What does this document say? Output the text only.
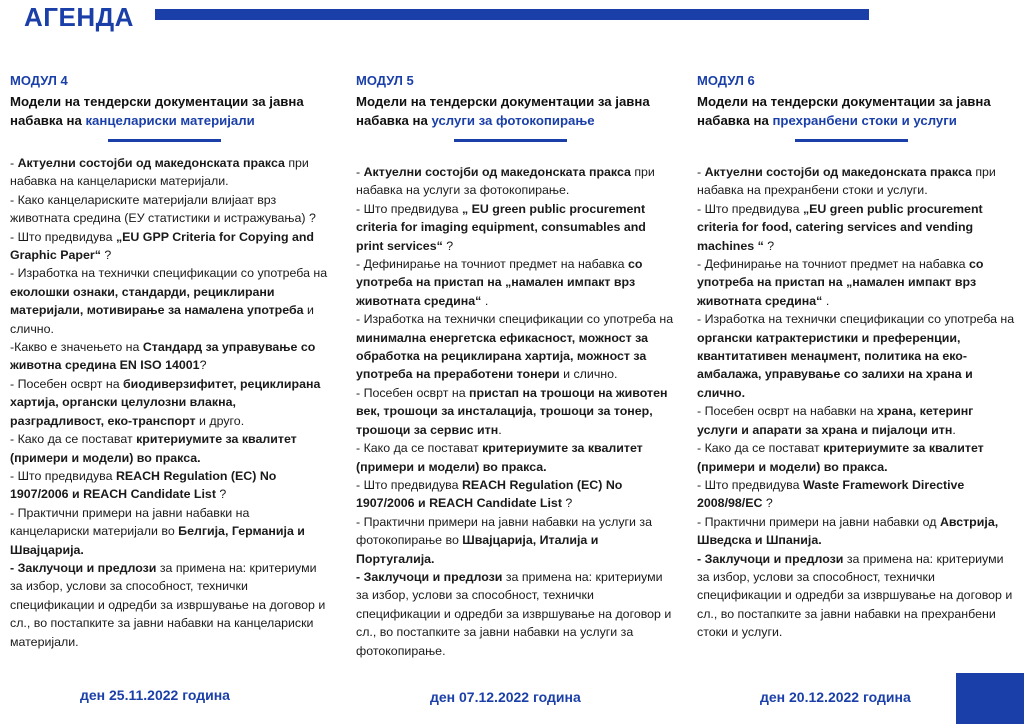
АГЕНДА
МОДУЛ 4
Модели на тендерски документации за јавна набавка на канцелариски материјали
- Актуелни состојби од македонската пракса при набавка на канцелариски материјали.
- Како канцелариските материјали влијаат врз животната средина (ЕУ статистики и истражувања) ?
- Што предвидува „EU GPP Criteria for Copying and Graphic Paper“ ?
- Изработка на технички спецификации со употреба на еколошки ознаки, стандарди, рециклирани материјали, мотивирање за намалена употреба и слично.
-Какво е значењето на Стандард за управување со животна средина EN ISO 14001?
- Посебен осврт на биодиверзифитет, рециклирана хартија, органски целулозни влакна, разградливост, еко-транспорт и друго.
- Како да се постават критериумите за квалитет (примери и модели) во пракса.
- Што предвидува REACH Regulation (EC) No 1907/2006 и REACH Candidate List ?
- Практични примери на јавни набавки на канцелариски материјали во Белгија, Германија и Швајцарија.
- Заклучоци и предлози за примена на: критериуми за избор, услови за способност, технички спецификации и одредби за извршување на договор и сл., во постапките за јавни набавки на канцелариски материјали.
МОДУЛ 5
Модели на тендерски документации за јавна набавка на услуги за фотокопирање
- Актуелни состојби од македонската пракса при набавка на услуги за фотокопирање.
- Што предвидува „ EU green public procurement criteria for imaging equipment, consumables and print services“ ?
- Дефинирање на точниот предмет на набавка со употреба на пристап на „намален импакт врз животната средина“ .
- Изработка на технички спецификации со употреба на минимална енергетска ефикасност, можност за обработка на рециклирана хартија, можност за употреба на преработени тонери и слично.
- Посебен осврт на пристап на трошоци на животен век, трошоци за инсталација, трошоци за тонер, трошоци за сервис итн.
- Како да се постават критериумите за квалитет (примери и модели) во пракса.
- Што предвидува REACH Regulation (EC) No 1907/2006 и REACH Candidate List ?
- Практични примери на јавни набавки на услуги за фотокопирање во Швајцарија, Италија и Португалија.
- Заклучоци и предлози за примена на: критериуми за избор, услови за способност, технички спецификации и одредби за извршување на договор и сл., во постапките за јавни набавки на услуги за фотокопирање.
МОДУЛ 6
Модели на тендерски документации за јавна набавка на прехранбени стоки и услуги
- Актуелни состојби од македонската пракса при набавка на прехранбени стоки и услуги.
- Што предвидува „EU green public procurement criteria for food, catering services and vending machines “ ?
- Дефинирање на точниот предмет на набавка со употреба на пристап на „намален импакт врз животната средина“ .
- Изработка на технички спецификации со употреба на органски катрактеристики и преференции, квантитативен менаџмент, политика на еко-амбалажа, управување со залихи на храна и слично.
- Посебен осврт на набавки на храна, кетеринг услуги и апарати за храна и пијалоци итн.
- Како да се постават критериумите за квалитет (примери и модели) во пракса.
- Што предвидува Waste Framework Directive 2008/98/EC ?
- Практични примери на јавни набавки од Австрија, Шведска и Шпанија.
- Заклучоци и предлози за примена на: критериуми за избор, услови за способност, технички спецификации и одредби за извршување на договор и сл., во постапките за јавни набавки на прехранбени стоки и услуги.
ден 25.11.2022 година	ден 07.12.2022 година	ден 20.12.2022 година
